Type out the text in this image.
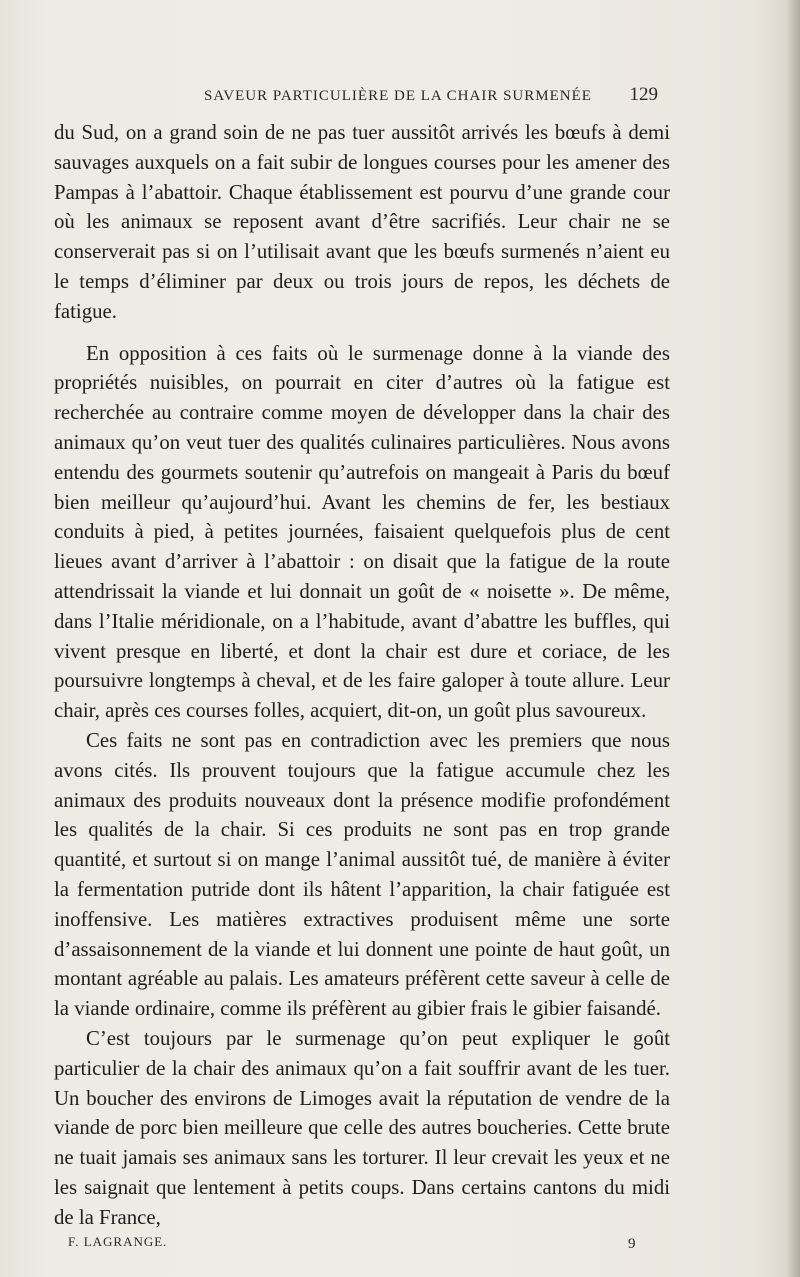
SAVEUR PARTICULIÈRE DE LA CHAIR SURMENÉE	129

du Sud, on a grand soin de ne pas tuer aussitôt arrivés les bœufs à demi sauvages auxquels on a fait subir de longues courses pour les amener des Pampas à l’abattoir. Chaque établissement est pourvu d’une grande cour où les animaux se reposent avant d’être sacrifiés. Leur chair ne se conserverait pas si on l’utilisait avant que les bœufs surmenés n’aient eu le temps d’éliminer par deux ou trois jours de repos, les déchets de fatigue.

En opposition à ces faits où le surmenage donne à la viande des propriétés nuisibles, on pourrait en citer d’autres où la fatigue est recherchée au contraire comme moyen de développer dans la chair des animaux qu’on veut tuer des qualités culinaires particulières. Nous avons entendu des gourmets soutenir qu’autrefois on mangeait à Paris du bœuf bien meilleur qu’aujourd’hui. Avant les chemins de fer, les bestiaux conduits à pied, à petites journées, faisaient quelquefois plus de cent lieues avant d’arriver à l’abattoir : on disait que la fatigue de la route attendrissait la viande et lui donnait un goût de « noisette ». De même, dans l’Italie méridionale, on a l’habitude, avant d’abattre les buffles, qui vivent presque en liberté, et dont la chair est dure et coriace, de les poursuivre longtemps à cheval, et de les faire galoper à toute allure. Leur chair, après ces courses folles, acquiert, dit-on, un goût plus savoureux.

Ces faits ne sont pas en contradiction avec les premiers que nous avons cités. Ils prouvent toujours que la fatigue accumule chez les animaux des produits nouveaux dont la présence modifie profondément les qualités de la chair. Si ces produits ne sont pas en trop grande quantité, et surtout si on mange l’animal aussitôt tué, de manière à éviter la fermentation putride dont ils hâtent l’apparition, la chair fatiguée est inoffensive. Les matières extractives produisent même une sorte d’assaisonnement de la viande et lui donnent une pointe de haut goût, un montant agréable au palais. Les amateurs préfèrent cette saveur à celle de la viande ordinaire, comme ils préfèrent au gibier frais le gibier faisandé.

C’est toujours par le surmenage qu’on peut expliquer le goût particulier de la chair des animaux qu’on a fait souffrir avant de les tuer. Un boucher des environs de Limoges avait la réputation de vendre de la viande de porc bien meilleure que celle des autres boucheries. Cette brute ne tuait jamais ses animaux sans les torturer. Il leur crevait les yeux et ne les saignait que lentement à petits coups. Dans certains cantons du midi de la France,

F. LAGRANGE.	9
